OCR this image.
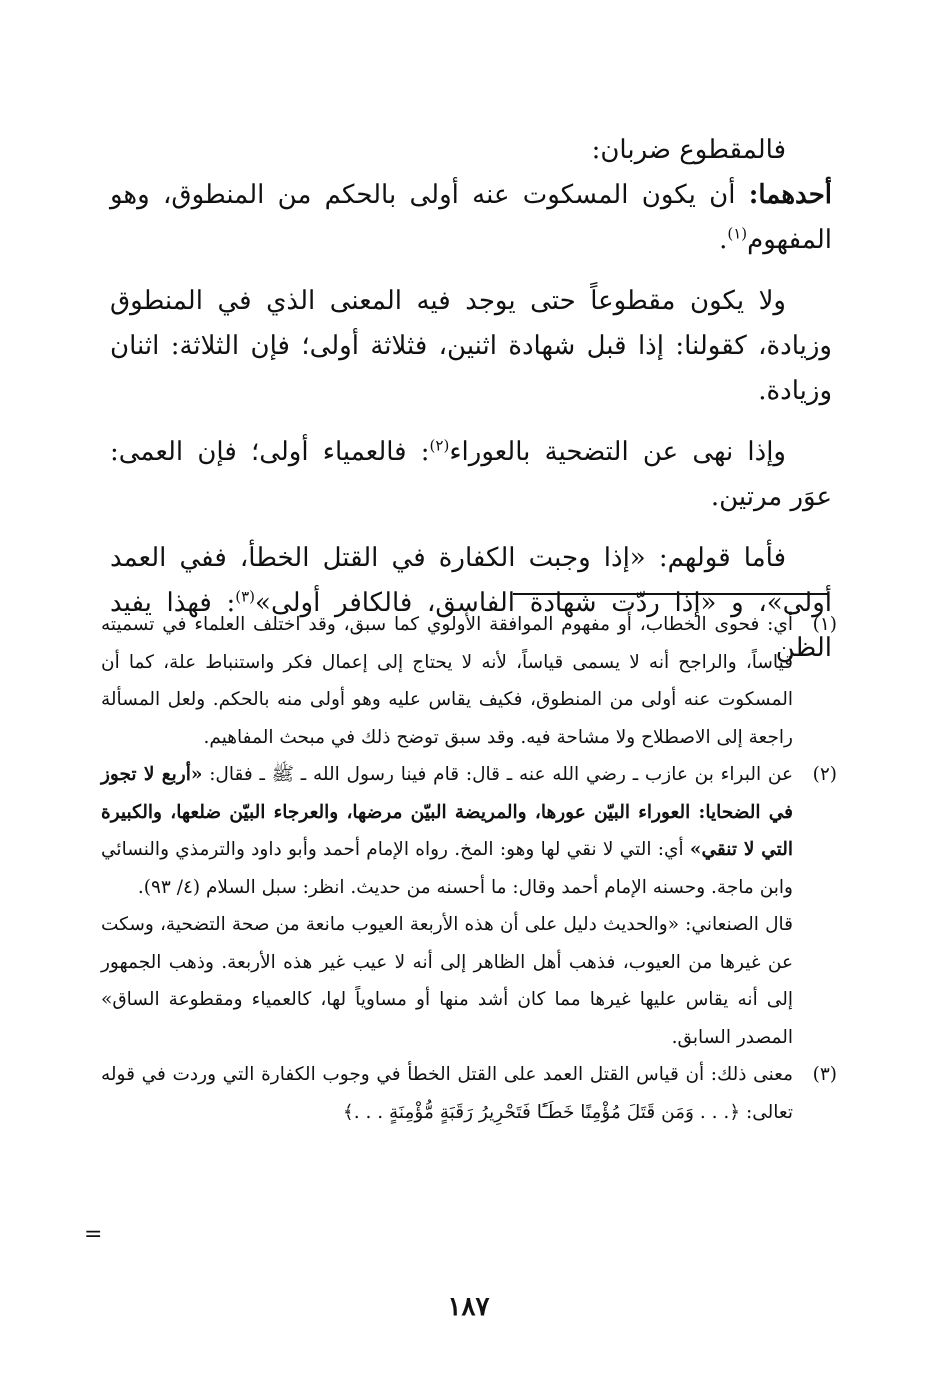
فالمقطوع ضربان:

أحدهما: أن يكون المسكوت عنه أولى بالحكم من المنطوق، وهو المفهوم$^{(١)}$.

ولا يكون مقطوعاً حتى يوجد فيه المعنى الذي في المنطوق وزيادة، كقولنا: إذا قبل شهادة اثنين، فثلاثة أولى؛ فإن الثلاثة: اثنان وزيادة.

وإذا نهى عن التضحية بالعوراء$^{(٢)}$: فالعمياء أولى؛ فإن العمى: عوَر مرتين.

فأما قولهم: «إذا وجبت الكفارة في القتل الخطأ، ففي العمد أولى»، و «إذا ردّت شهادة الفاسق، فالكافر أولى»$^{(٣)}$: فهذا يفيد الظن

(١)
أي: فحوى الخطاب، أو مفهوم الموافقة الأولوي كما سبق، وقد اختلف العلماء في تسميته قياساً، والراجح أنه لا يسمى قياساً، لأنه لا يحتاج إلى إعمال فكر واستنباط علة، كما أن المسكوت عنه أولى من المنطوق، فكيف يقاس عليه وهو أولى منه بالحكم. ولعل المسألة راجعة إلى الاصطلاح ولا مشاحة فيه. وقد سبق توضح ذلك في مبحث المفاهيم.

(٢)
عن البراء بن عازب ـ رضي الله عنه ـ قال: قام فينا رسول الله ـ ﷺ ـ فقال: «أربع لا تجوز في الضحايا: العوراء البيّن عورها، والمريضة البيّن مرضها، والعرجاء البيّن ضلعها، والكبيرة التي لا تنقي» أي: التي لا نقي لها وهو: المخ. رواه الإمام أحمد وأبو داود والترمذي والنسائي وابن ماجة. وحسنه الإمام أحمد وقال: ما أحسنه من حديث. انظر: سبل السلام (٤/ ٩٣).

قال الصنعاني: «والحديث دليل على أن هذه الأربعة العيوب مانعة من صحة التضحية، وسكت عن غيرها من العيوب، فذهب أهل الظاهر إلى أنه لا عيب غير هذه الأربعة. وذهب الجمهور إلى أنه يقاس عليها غيرها مما كان أشد منها أو مساوياً لها، كالعمياء ومقطوعة الساق» المصدر السابق.

(٣)
معنى ذلك: أن قياس القتل العمد على القتل الخطأ في وجوب الكفارة التي وردت في قوله تعالى: ﴿. . . وَمَن قَتَلَ مُؤْمِنًا خَطَـًٔا فَتَحْرِيرُ رَقَبَةٍ مُّؤْمِنَةٍ . . .﴾

=
١٨٧
